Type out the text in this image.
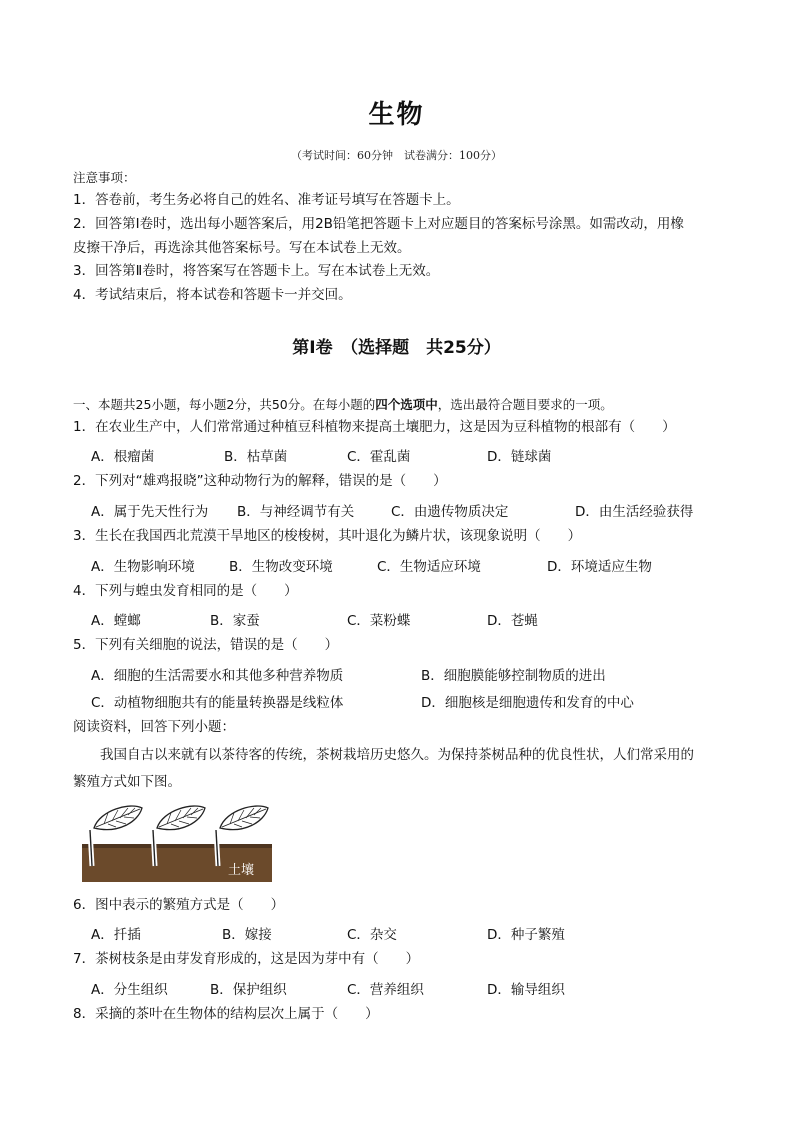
生物
（考试时间：60分钟　试卷满分：100分）
注意事项：
1．答卷前，考生务必将自己的姓名、准考证号填写在答题卡上。
2．回答第Ⅰ卷时，选出每小题答案后，用2B铅笔把答题卡上对应题目的答案标号涂黑。如需改动，用橡
皮擦干净后，再选涂其他答案标号。写在本试卷上无效。
3．回答第Ⅱ卷时，将答案写在答题卡上。写在本试卷上无效。
4．考试结束后，将本试卷和答题卡一并交回。
第Ⅰ卷　（选择题　共25分）
一、本题共25小题，每小题2分，共50分。在每小题的四个选项中，选出最符合题目要求的一项。
1．在农业生产中，人们常常通过种植豆科植物来提高土壤肥力，这是因为豆科植物的根部有（　　）
A．根瘤菌	B．枯草菌	C．霍乱菌	D．链球菌
2．下列对“雄鸡报晓”这种动物行为的解释，错误的是（　　）
A．属于先天性行为 B．与神经调节有关	C．由遗传物质决定	D．由生活经验获得
3．生长在我国西北荒漠干旱地区的梭梭树，其叶退化为鳞片状，该现象说明（　　）
A．生物影响环境	B．生物改变环境	C．生物适应环境	D．环境适应生物
4．下列与蝗虫发育相同的是（　　）
A．螳螂	B．家蚕	C．菜粉蝶	D．苍蝇
5．下列有关细胞的说法，错误的是（　　）
A．细胞的生活需要水和其他多种营养物质	B．细胞膜能够控制物质的进出
C．动植物细胞共有的能量转换器是线粒体	D．细胞核是细胞遗传和发育的中心
阅读资料，回答下列小题：
我国自古以来就有以茶待客的传统，茶树栽培历史悠久。为保持茶树品种的优良性状，人们常采用的
繁殖方式如下图。
土壤
6．图中表示的繁殖方式是（　　）
A．扦插	B．嫁接	C．杂交	D．种子繁殖
7．茶树枝条是由芽发育形成的，这是因为芽中有（　　）
A．分生组织	B．保护组织	C．营养组织	D．输导组织
8．采摘的茶叶在生物体的结构层次上属于（　　）
